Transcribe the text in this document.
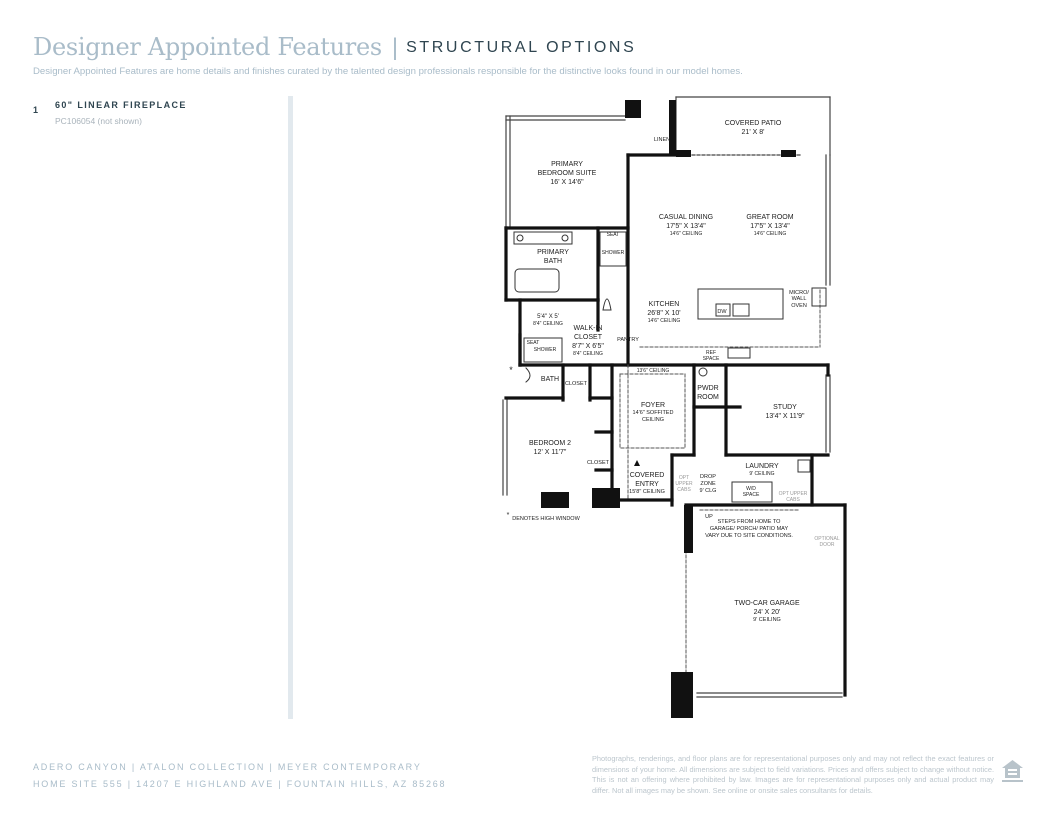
Designer Appointed Features | STRUCTURAL OPTIONS
Designer Appointed Features are home details and finishes curated by the talented design professionals responsible for the distinctive looks found in our model homes.
1 60" LINEAR FIREPLACE
PC106054 (not shown)	COVERED PATIO
21' X 8'
LINEN
PRIMARY
BEDROOM SUITE
16' X 14'6"
CASUAL DINING
17'5" X 13'4"
14'6" CEILING
GREAT ROOM
17'5" X 13'4"
14'6" CEILING
PRIMARY
BATH
SEAT
SHOWER
MICRO/
WALL
OVEN
KITCHEN
26'8" X 10'
14'6" CEILING
DW
5'4" X 5'
8'4" CEILING
WALK-IN
CLOSET
8'7" X 6'5"
8'4" CEILING
PANTRY
SEAT
SHOWER	REF
SPACE
13'6" CEILING
*
BATH
CLOSET
PWDR
ROOM
FOYER
14'6" SOFFITED
CEILING
STUDY
13'4" X 11'9"
BEDROOM 2
12' X 11'7"
CLOSET
COVERED
ENTRY
15'8" CEILING
OPT
UPPER
CABS
DROP
ZONE
9' CLG
LAUNDRY
9' CEILING
W/D
SPACE	OPT UPPER
CABS
* DENOTES HIGH WINDOW	UP
STEPS FROM HOME TO
GARAGE/ PORCH/ PATIO MAY
VARY DUE TO SITE CONDITIONS.	OPTIONAL
DOOR
TWO-CAR GARAGE
24' X 20'
9' CEILING
ADERO CANYON | ATALON COLLECTION | MEYER CONTEMPORARY
HOME SITE 555 | 14207 E HIGHLAND AVE | FOUNTAIN HILLS, AZ 85268
Photographs, renderings, and floor plans are for representational purposes only and may not reflect the exact features or dimensions of your home. All dimensions are subject to field variations. Prices and offers subject to change without notice. This is not an offering where prohibited by law. Images are for representational purposes only and actual product may differ. Not all images may be shown. See online or onsite sales consultants for details.
